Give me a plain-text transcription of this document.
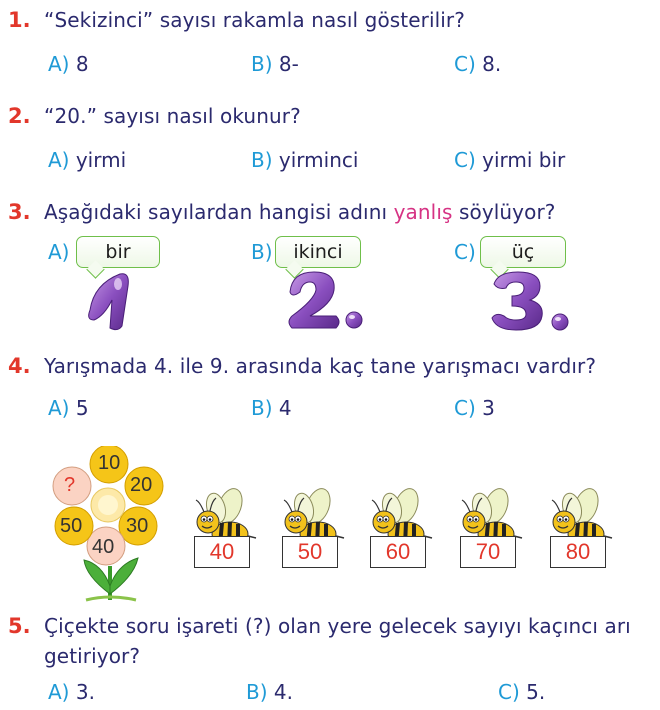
1. “Sekizinci” sayısı rakamla nasıl gösterilir?
A) 8	B) 8-	C) 8.
2. “20.” sayısı nasıl okunur?
A) yirmi	B) yirminci	C) yirmi bir
3. Aşağıdaki sayılardan hangisi adını yanlış söylüyor?
A)	bir	B)	ikinci	C)	üç
4. Yarışmada 4. ile 9. arasında kaç tane yarışmacı vardır?
A) 5	B) 4	C) 3
10
20
30
40
50
?
40	50	60	70	80
5. Çiçekte soru işareti (?) olan yere gelecek sayıyı kaçıncı arı
getiriyor?
A) 3.	B) 4.	C) 5.
